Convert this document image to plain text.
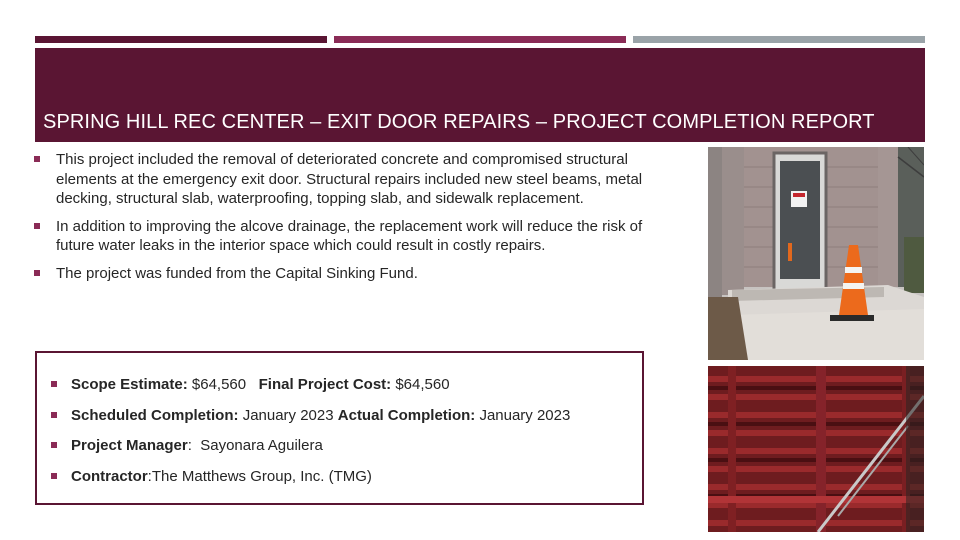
SPRING HILL REC CENTER – EXIT DOOR REPAIRS – PROJECT COMPLETION REPORT
This project included the removal of deteriorated concrete and compromised structural elements at the emergency exit door. Structural repairs included new steel beams, metal decking, structural slab, waterproofing, topping slab, and sidewalk replacement.
In addition to improving the alcove drainage, the replacement work will reduce the risk of future water leaks in the interior space which could result in costly repairs.
The project was funded from the Capital Sinking Fund.
Scope Estimate: $64,560 Final Project Cost: $64,560
Scheduled Completion: January 2023 Actual Completion: January 2023
Project Manager:  Sayonara Aguilera
Contractor:The Matthews Group, Inc. (TMG)
